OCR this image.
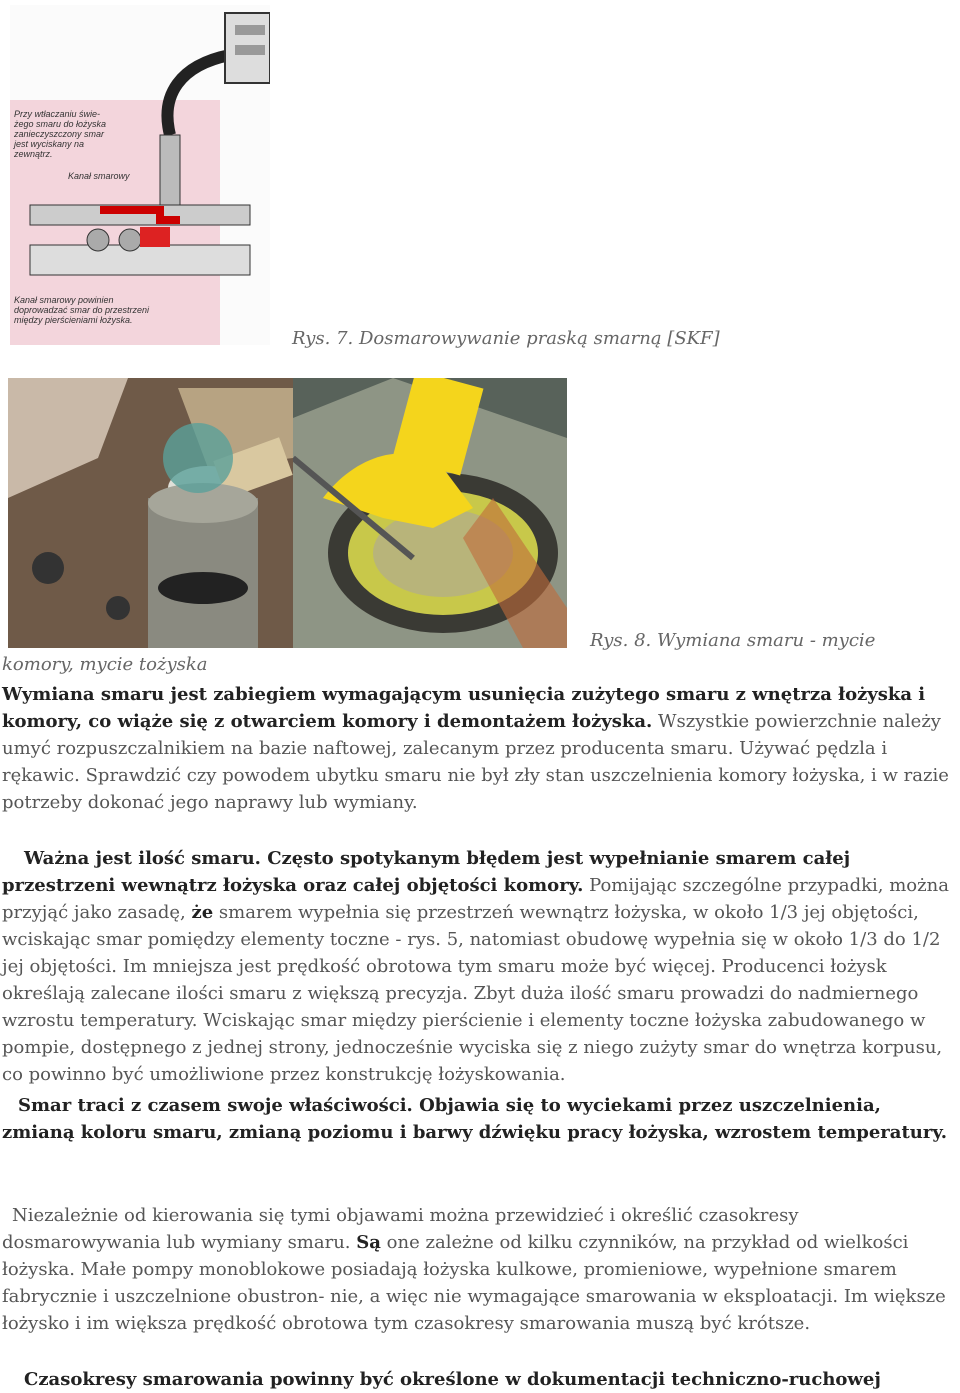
Przy wtłaczaniu świe-żego smaru do łożyska zanieczyszczony smar jest wyciskany na zewnątrz.
Kanał smarowy
Kanał smarowy powinien doprowadzać smar do przestrzeni między pierścieniami łożyska.
Rys. 7. Dosmarowywanie praską smarną [SKF]
Rys. 8. Wymiana smaru - mycie
komory, mycie tożyska
Wymiana smaru jest zabiegiem wymagającym usunięcia zużytego smaru z wnętrza łożyska i komory, co wiąże się z otwarciem komory i demontażem łożyska. Wszystkie powierzchnie należy umyć rozpuszczalnikiem na bazie naftowej, zalecanym przez producenta smaru. Używać pędzla i rękawic. Sprawdzić czy powodem ubytku smaru nie był zły stan uszczelnienia komory łożyska, i w razie potrzeby dokonać jego naprawy lub wymiany.
Ważna jest ilość smaru. Często spotykanym błędem jest wypełnianie smarem całej przestrzeni wewnątrz łożyska oraz całej objętości komory. Pomijając szczególne przypadki, można przyjąć jako zasadę, że smarem wypełnia się przestrzeń wewnątrz łożyska, w około 1/3 jej objętości, wciskając smar pomiędzy elementy toczne - rys. 5, natomiast obudowę wypełnia się w około 1/3 do 1/2 jej objętości. Im mniejsza jest prędkość obrotowa tym smaru może być więcej. Producenci łożysk określają zalecane ilości smaru z większą precyzja. Zbyt duża ilość smaru prowadzi do nadmiernego wzrostu temperatury. Wciskając smar między pierścienie i elementy toczne łożyska zabudowanego w pompie, dostępnego z jednej strony, jednocześnie wyciska się z niego zużyty smar do wnętrza korpusu, co powinno być umożliwione przez konstrukcję łożyskowania.
Smar traci z czasem swoje właściwości. Objawia się to wyciekami przez uszczelnienia, zmianą koloru smaru, zmianą poziomu i barwy dźwięku pracy łożyska, wzrostem temperatury.
Niezależnie od kierowania się tymi objawami można przewidzieć i określić czasokresy dosmarowywania lub wymiany smaru. Są one zależne od kilku czynników, na przykład od wielkości łożyska. Małe pompy monoblokowe posiadają łożyska kulkowe, promieniowe, wypełnione smarem fabrycznie i uszczelnione obustron- nie, a więc nie wymagające smarowania w eksploatacji. Im większe łożysko i im większa prędkość obrotowa tym czasokresy smarowania muszą być krótsze.
Czasokresy smarowania powinny być określone w dokumentacji techniczno-ruchowej
